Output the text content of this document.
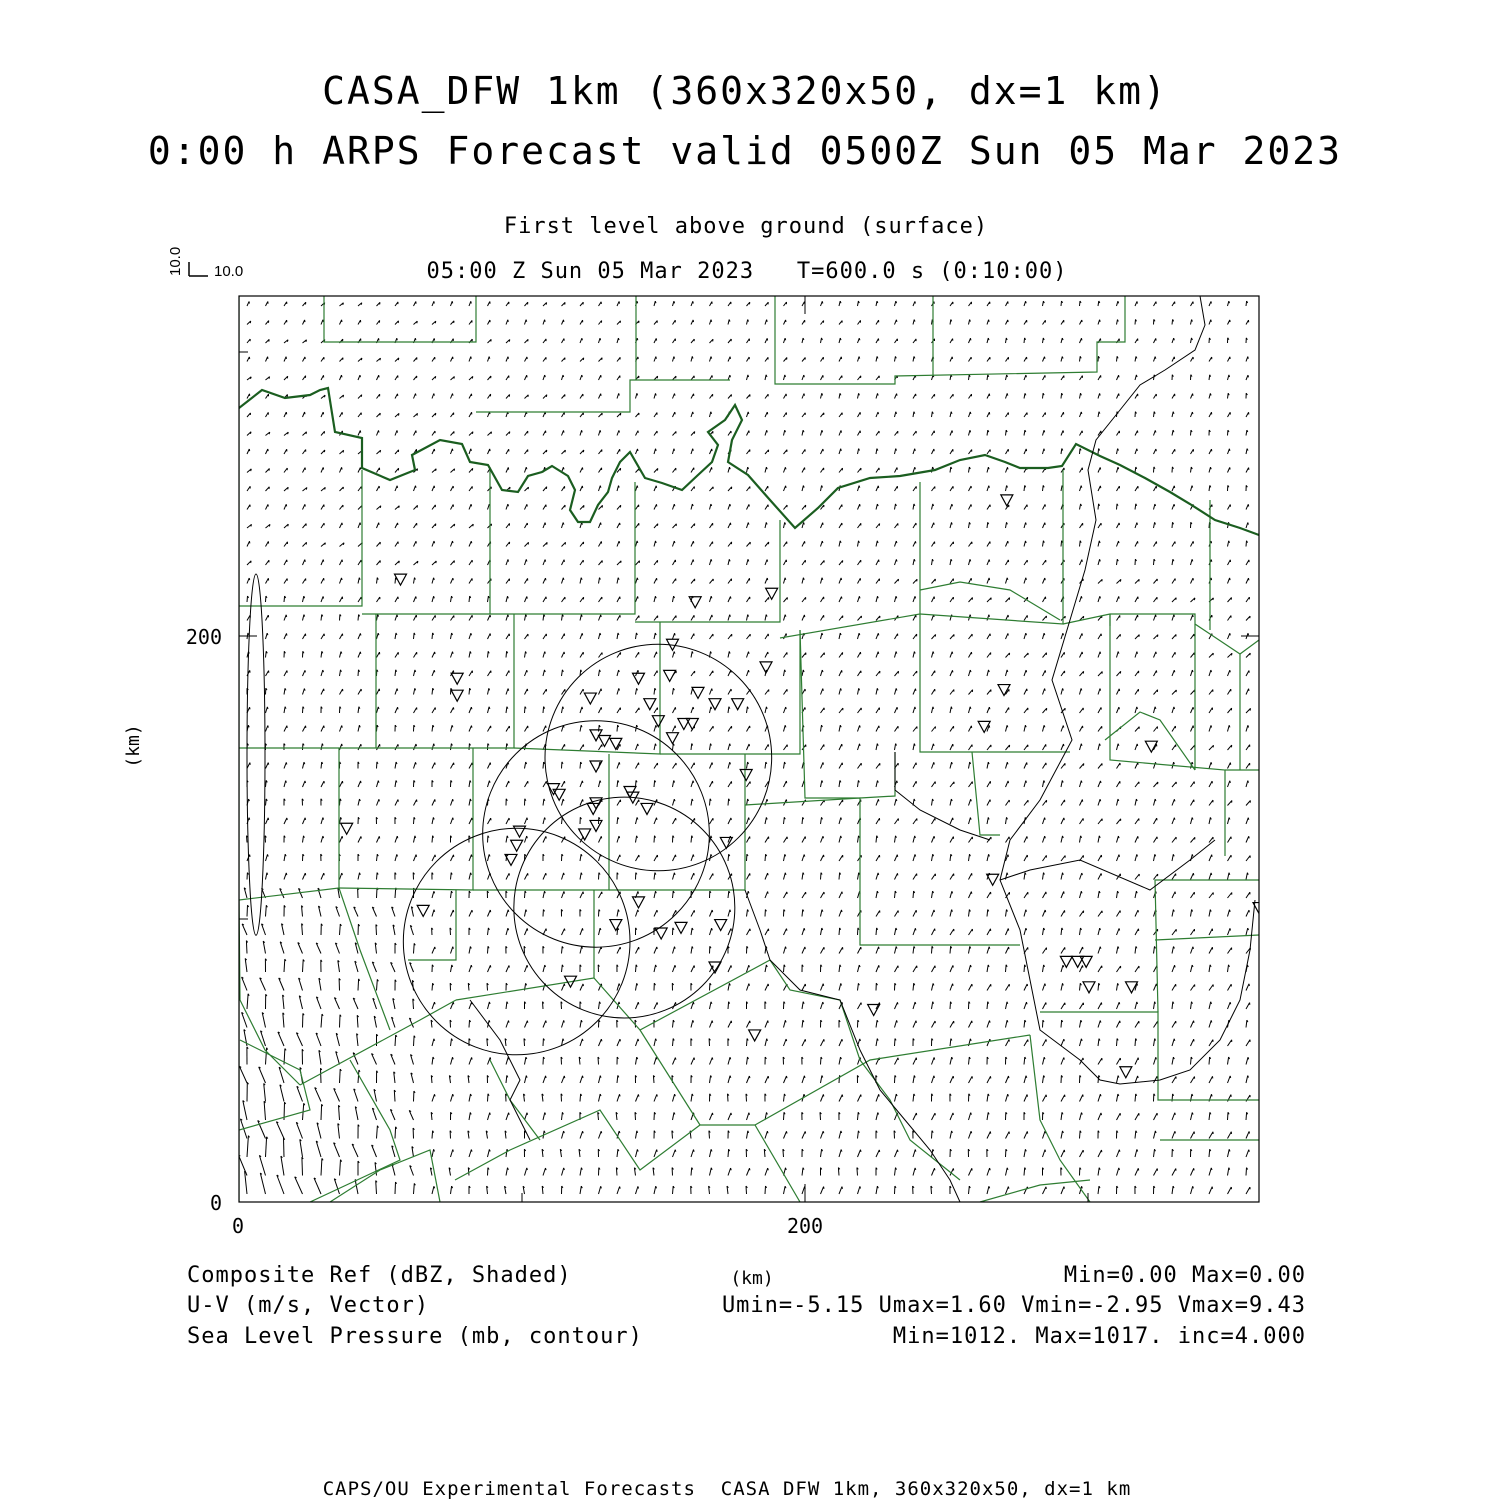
CASA_DFW 1km (360x320x50, dx=1 km)
0:00 h ARPS Forecast valid 0500Z Sun 05 Mar 2023
First level above ground (surface)
05:00 Z Sun 05 Mar 2023   T=600.0 s (0:10:00)
10.0
10.0
0	200
0
200
(km)
(km)
Composite Ref (dBZ, Shaded)	Min=0.00 Max=0.00
U-V (m/s, Vector)	Umin=-5.15 Umax=1.60 Vmin=-2.95 Vmax=9.43
Sea Level Pressure (mb, contour)	Min=1012. Max=1017. inc=4.000
CAPS/OU Experimental Forecasts  CASA DFW 1km, 360x320x50, dx=1 km
